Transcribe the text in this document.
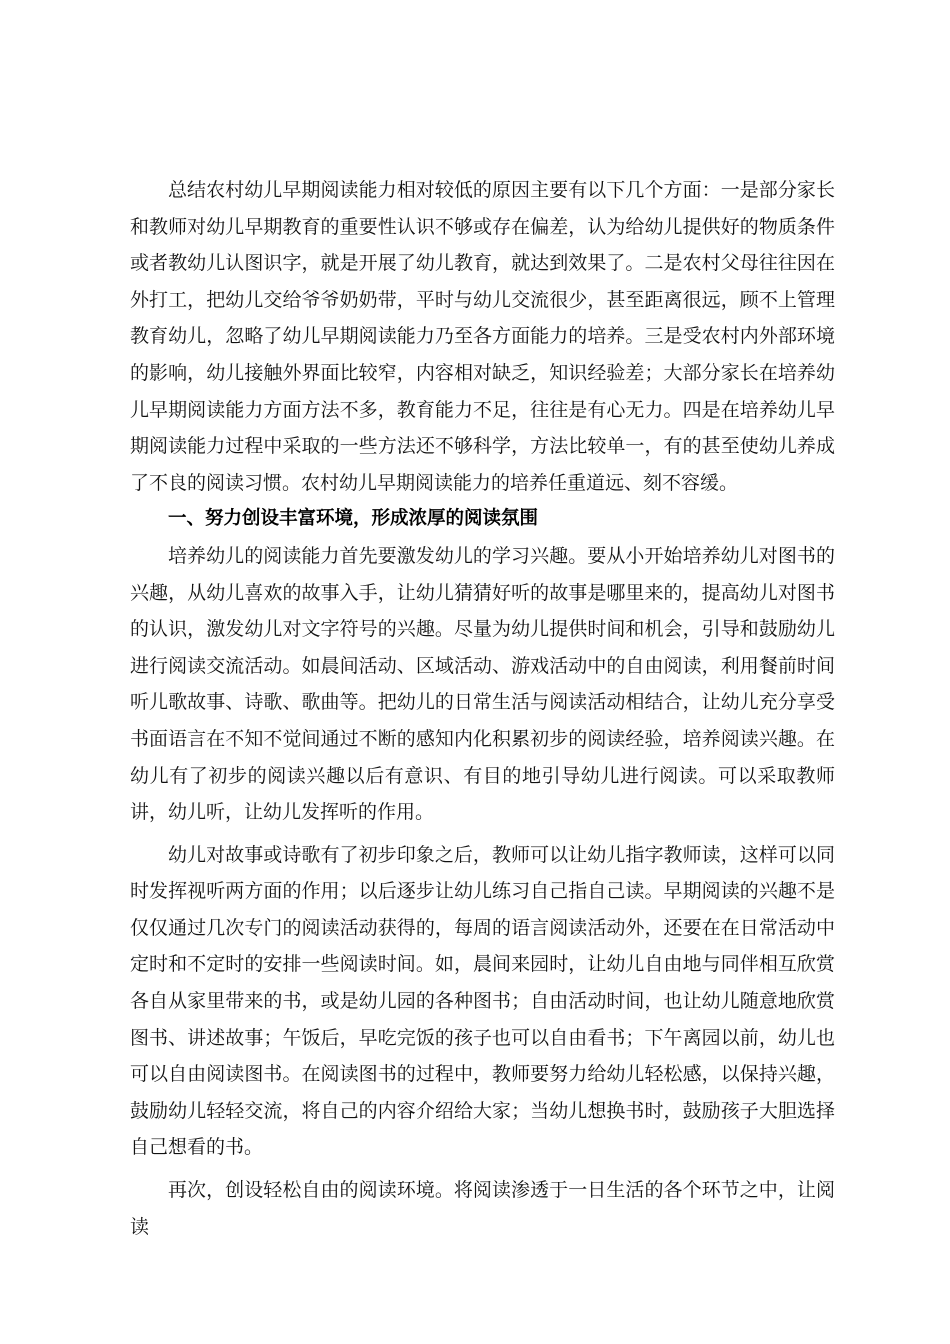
总结农村幼儿早期阅读能力相对较低的原因主要有以下几个方面：一是部分家长和教师对幼儿早期教育的重要性认识不够或存在偏差，认为给幼儿提供好的物质条件或者教幼儿认图识字，就是开展了幼儿教育，就达到效果了。二是农村父母往往因在外打工，把幼儿交给爷爷奶奶带，平时与幼儿交流很少，甚至距离很远，顾不上管理教育幼儿，忽略了幼儿早期阅读能力乃至各方面能力的培养。三是受农村内外部环境的影响，幼儿接触外界面比较窄，内容相对缺乏，知识经验差；大部分家长在培养幼儿早期阅读能力方面方法不多，教育能力不足，往往是有心无力。四是在培养幼儿早期阅读能力过程中采取的一些方法还不够科学，方法比较单一，有的甚至使幼儿养成了不良的阅读习惯。农村幼儿早期阅读能力的培养任重道远、刻不容缓。

一、努力创设丰富环境，形成浓厚的阅读氛围

培养幼儿的阅读能力首先要激发幼儿的学习兴趣。要从小开始培养幼儿对图书的兴趣，从幼儿喜欢的故事入手，让幼儿猜猜好听的故事是哪里来的，提高幼儿对图书的认识，激发幼儿对文字符号的兴趣。尽量为幼儿提供时间和机会，引导和鼓励幼儿进行阅读交流活动。如晨间活动、区域活动、游戏活动中的自由阅读，利用餐前时间听儿歌故事、诗歌、歌曲等。把幼儿的日常生活与阅读活动相结合，让幼儿充分享受书面语言在不知不觉间通过不断的感知内化积累初步的阅读经验，培养阅读兴趣。在幼儿有了初步的阅读兴趣以后有意识、有目的地引导幼儿进行阅读。可以采取教师讲，幼儿听，让幼儿发挥听的作用。

幼儿对故事或诗歌有了初步印象之后，教师可以让幼儿指字教师读，这样可以同时发挥视听两方面的作用；以后逐步让幼儿练习自己指自己读。早期阅读的兴趣不是仅仅通过几次专门的阅读活动获得的，每周的语言阅读活动外，还要在在日常活动中定时和不定时的安排一些阅读时间。如，晨间来园时，让幼儿自由地与同伴相互欣赏各自从家里带来的书，或是幼儿园的各种图书；自由活动时间，也让幼儿随意地欣赏图书、讲述故事；午饭后，早吃完饭的孩子也可以自由看书；下午离园以前，幼儿也可以自由阅读图书。在阅读图书的过程中，教师要努力给幼儿轻松感，以保持兴趣，鼓励幼儿轻轻交流，将自己的内容介绍给大家；当幼儿想换书时，鼓励孩子大胆选择自己想看的书。

再次，创设轻松自由的阅读环境。将阅读渗透于一日生活的各个环节之中，让阅读
